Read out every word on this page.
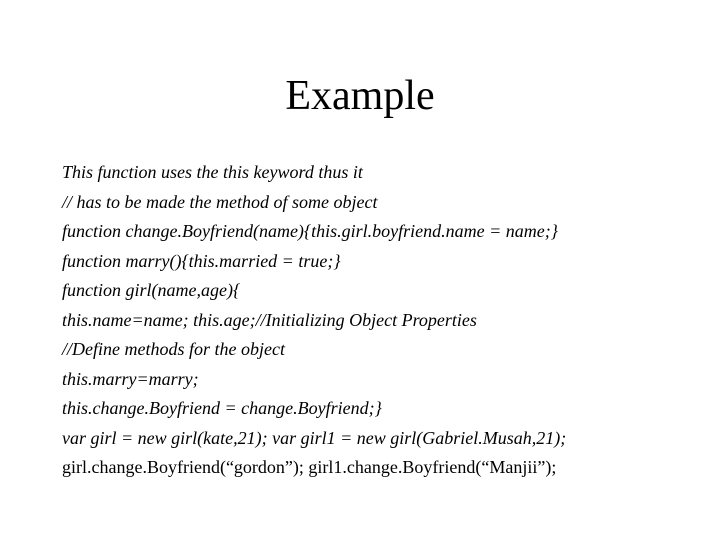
Example
This function uses the this keyword thus it
// has to be made the method of some object
function change.Boyfriend(name){this.girl.boyfriend.name = name;}
function marry(){this.married = true;}
function girl(name,age){
this.name=name; this.age;//Initializing Object Properties
//Define methods for the object
this.marry=marry;
this.change.Boyfriend = change.Boyfriend;}
var girl = new girl(kate,21); var girl1 = new girl(Gabriel.Musah,21);
girl.change.Boyfriend(“gordon”); girl1.change.Boyfriend(“Manjii”);
